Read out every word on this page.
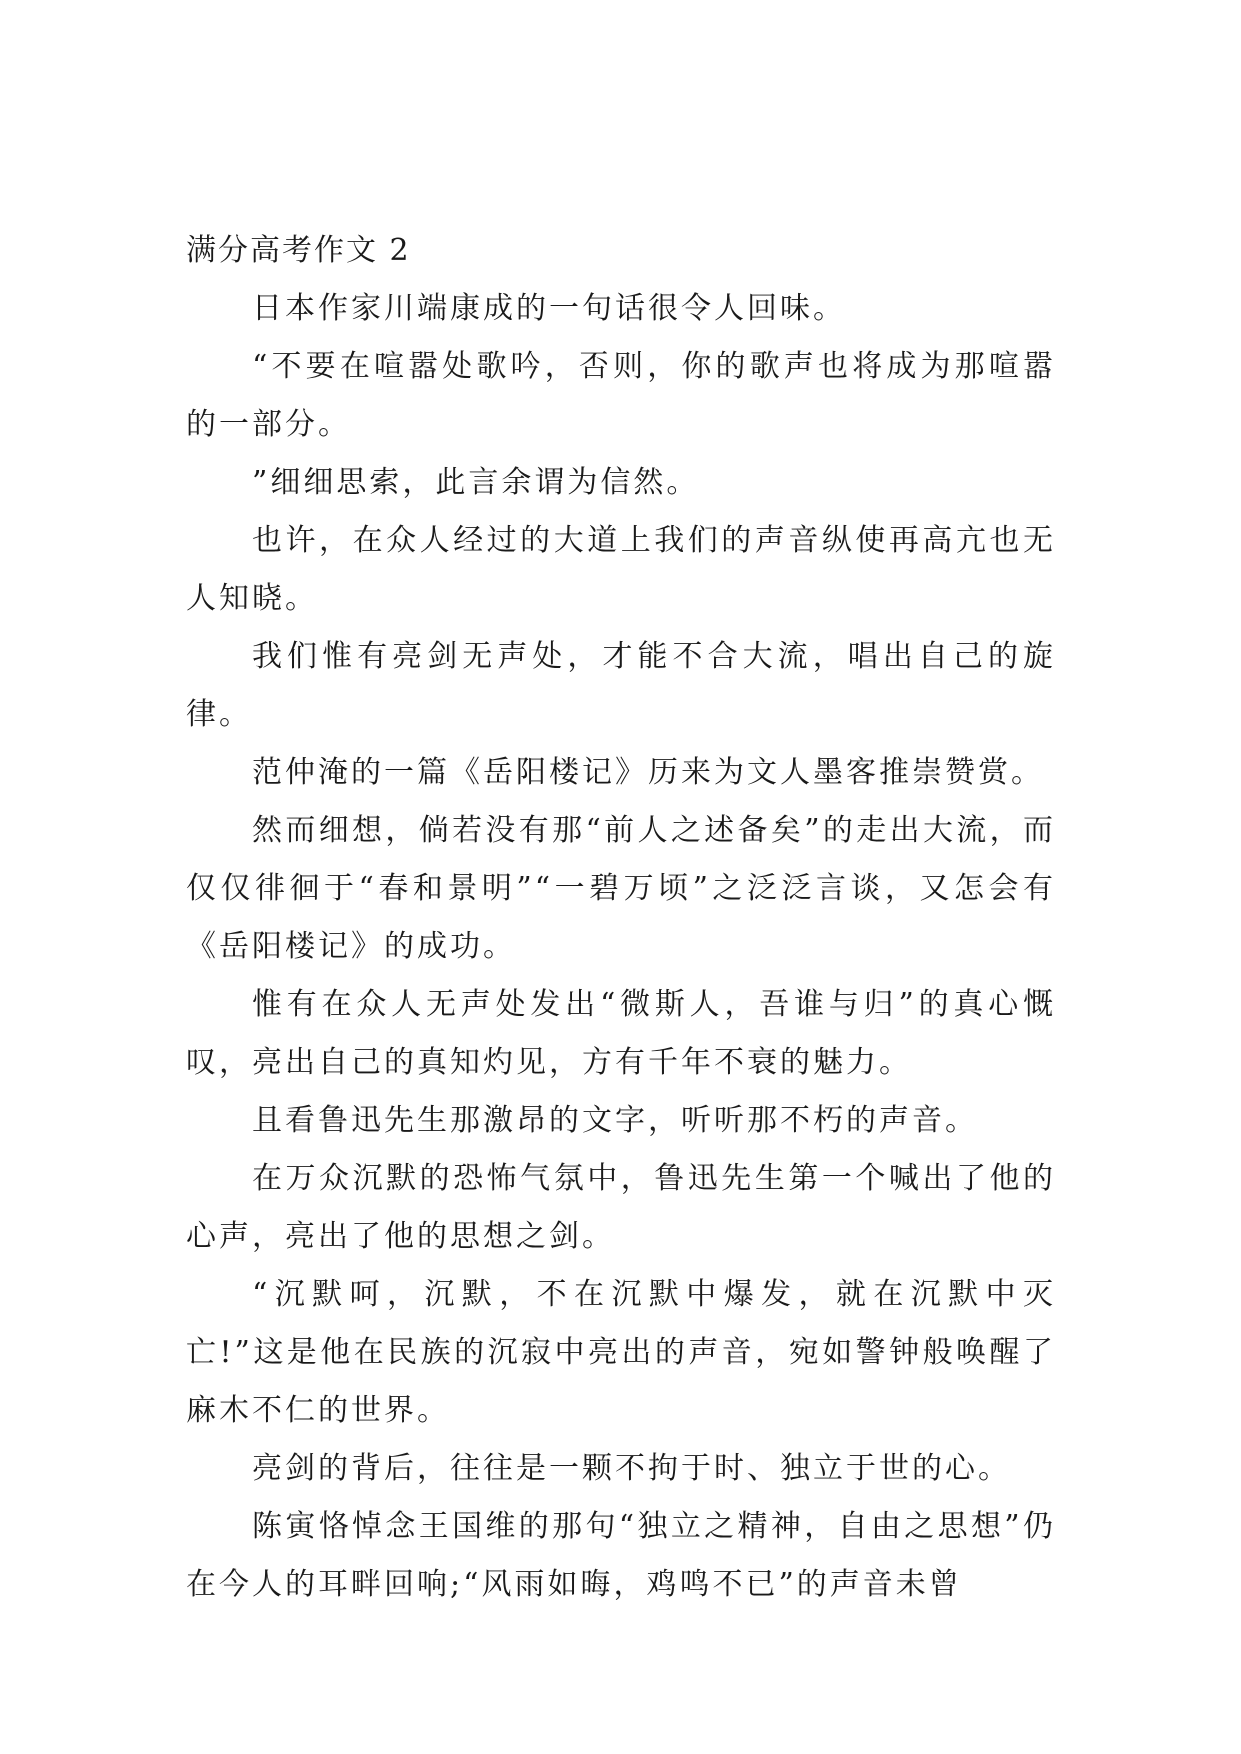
满分高考作文 2

日本作家川端康成的一句话很令人回味。

“不要在喧嚣处歌吟，否则，你的歌声也将成为那喧嚣的一部分。

”细细思索，此言余谓为信然。

也许，在众人经过的大道上我们的声音纵使再高亢也无人知晓。

我们惟有亮剑无声处，才能不合大流，唱出自己的旋律。

范仲淹的一篇《岳阳楼记》历来为文人墨客推崇赞赏。

然而细想，倘若没有那“前人之述备矣”的走出大流，而仅仅徘徊于“春和景明”“一碧万顷”之泛泛言谈，又怎会有《岳阳楼记》的成功。

惟有在众人无声处发出“微斯人，吾谁与归”的真心慨叹，亮出自己的真知灼见，方有千年不衰的魅力。

且看鲁迅先生那激昂的文字，听听那不朽的声音。

在万众沉默的恐怖气氛中，鲁迅先生第一个喊出了他的心声，亮出了他的思想之剑。

“沉默呵，沉默，不在沉默中爆发，就在沉默中灭亡!”这是他在民族的沉寂中亮出的声音，宛如警钟般唤醒了麻木不仁的世界。

亮剑的背后，往往是一颗不拘于时、独立于世的心。

陈寅恪悼念王国维的那句“独立之精神，自由之思想”仍在今人的耳畔回响;“风雨如晦，鸡鸣不已”的声音未曾
